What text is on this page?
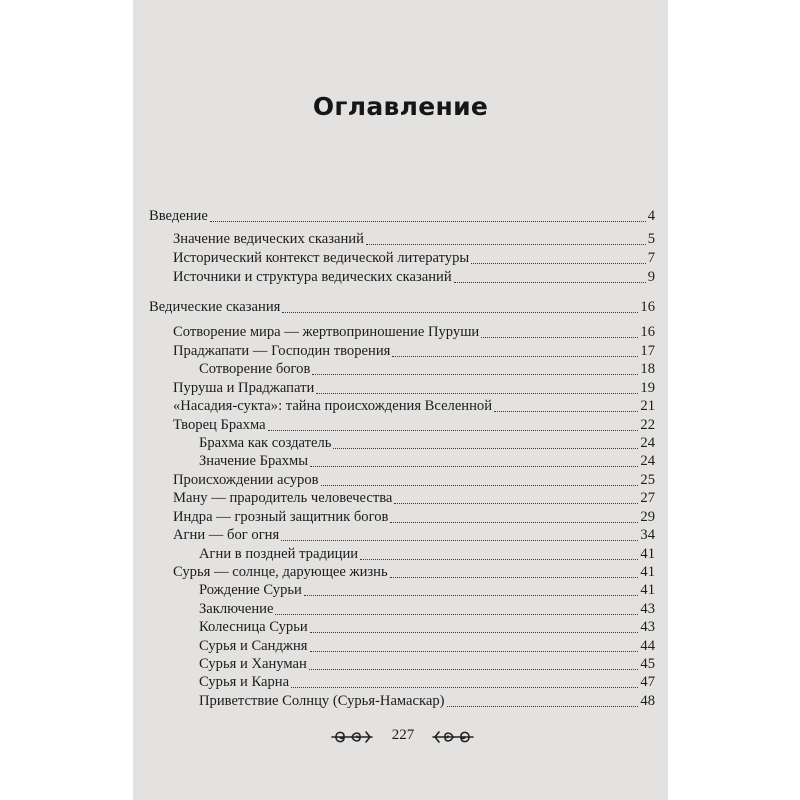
Оглавление
Введение	4
Значение ведических сказаний	5
Исторический контекст ведической литературы	7
Источники и структура ведических сказаний	9
Ведические сказания	16
Сотворение мира — жертвоприношение Пуруши	16
Праджапати — Господин творения	17
Сотворение богов	18
Пуруша и Праджапати	19
«Насадия-сукта»: тайна происхождения Вселенной	21
Творец Брахма	22
Брахма как создатель	24
Значение Брахмы	24
Происхождении асуров	25
Ману — прародитель человечества	27
Индра — грозный защитник богов	29
Агни — бог огня	34
Агни в поздней традиции	41
Сурья — солнце, дарующее жизнь	41
Рождение Сурьи	41
Заключение	43
Колесница Сурьи	43
Сурья и Санджня	44
Сурья и Хануман	45
Сурья и Карна	47
Приветствие Солнцу (Сурья-Намаскар)	48
227
